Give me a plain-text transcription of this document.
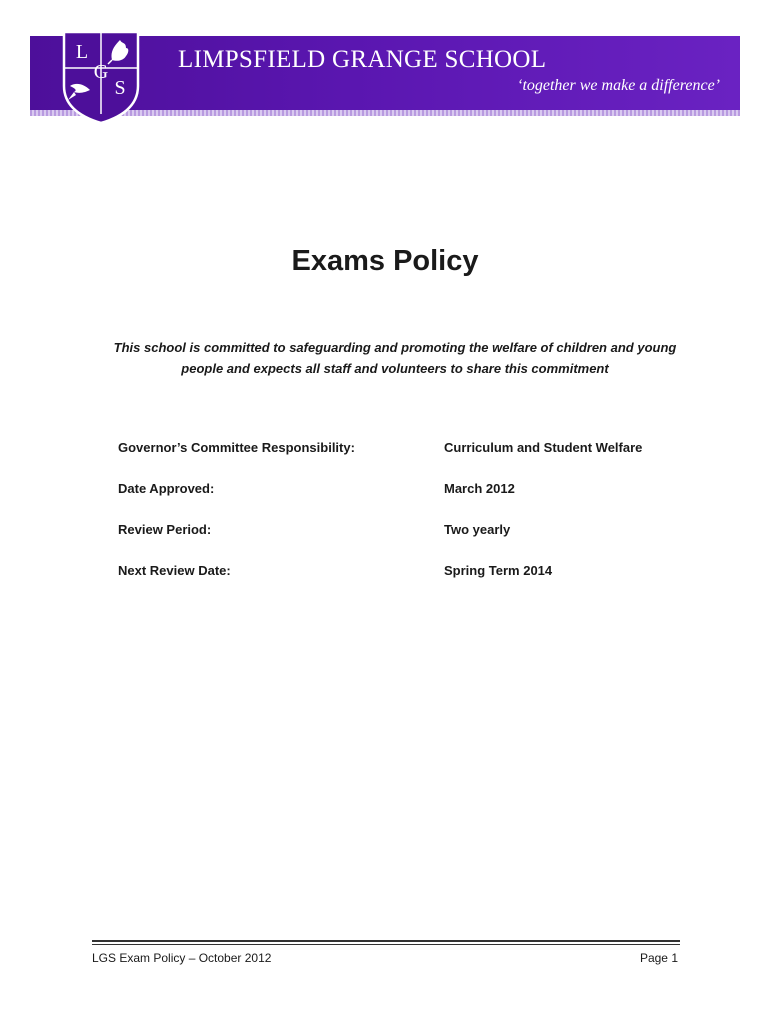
L
G
S
LIMPSFIELD GRANGE SCHOOL
‘together we make a difference’
Exams Policy
This school is committed to safeguarding and promoting the welfare of children and young people and expects all staff and volunteers to share this commitment
Governor’s Committee Responsibility:	Curriculum and Student Welfare
Date Approved:	March 2012
Review Period:	Two yearly
Next Review Date:	Spring Term 2014
LGS Exam Policy – October 2012	Page 1
